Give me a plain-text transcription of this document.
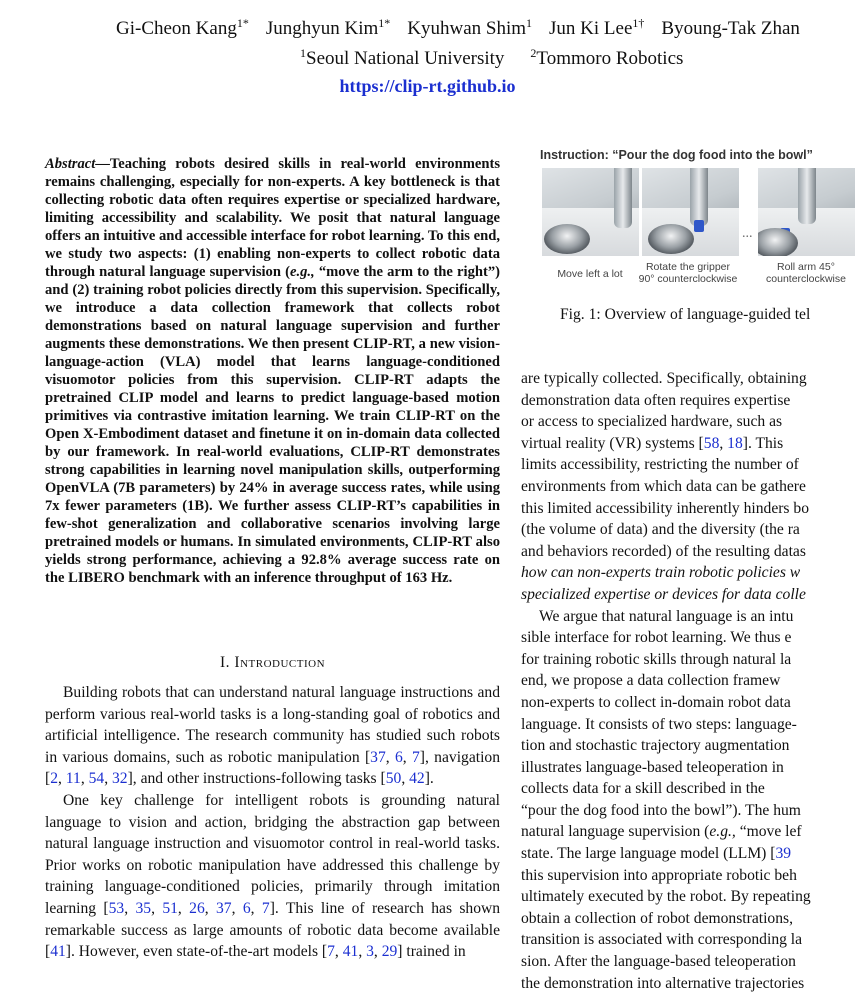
Gi-Cheon Kang$^{1*}$ Junghyun Kim$^{1*}$ Kyuhwan Shim$^1$ Jun Ki Lee$^{1\dagger}$ Byoung-Tak Zhan
$^1$Seoul National University $^2$Tommoro Robotics
https://clip-rt.github.io
Abstract—Teaching robots desired skills in real-world environments remains challenging, especially for non-experts. A key bottleneck is that collecting robotic data often requires expertise or specialized hardware, limiting accessibility and scalability. We posit that natural language offers an intuitive and accessible interface for robot learning. To this end, we study two aspects: (1) enabling non-experts to collect robotic data through natural language supervision (e.g., “move the arm to the right”) and (2) training robot policies directly from this supervision. Specifically, we introduce a data collection framework that collects robot demonstrations based on natural language supervision and further augments these demonstrations. We then present CLIP-RT, a new vision-language-action (VLA) model that learns language-conditioned visuomotor policies from this supervision. CLIP-RT adapts the pretrained CLIP model and learns to predict language-based motion primitives via contrastive imitation learning. We train CLIP-RT on the Open X-Embodiment dataset and finetune it on in-domain data collected by our framework. In real-world evaluations, CLIP-RT demonstrates strong capabilities in learning novel manipulation skills, outperforming OpenVLA (7B parameters) by 24% in average success rates, while using 7x fewer parameters (1B). We further assess CLIP-RT’s capabilities in few-shot generalization and collaborative scenarios involving large pretrained models or humans. In simulated environments, CLIP-RT also yields strong performance, achieving a 92.8% average success rate on the LIBERO benchmark with an inference throughput of 163 Hz.
I. Introduction

Building robots that can understand natural language instructions and perform various real-world tasks is a long-standing goal of robotics and artificial intelligence. The research community has studied such robots in various domains, such as robotic manipulation [37, 6, 7], navigation [2, 11, 54, 32], and other instructions-following tasks [50, 42].

One key challenge for intelligent robots is grounding natural language to vision and action, bridging the abstraction gap between natural language instruction and visuomotor control in real-world tasks. Prior works on robotic manipulation have addressed this challenge by training language-conditioned policies, primarily through imitation learning [53, 35, 51, 26, 37, 6, 7]. This line of research has shown remarkable success as large amounts of robotic data become available [41]. However, even state-of-the-art models [7, 41, 3, 29] trained in

Instruction: “Pour the dog food into the bowl”
...
Move left a lot
Rotate the gripper
90° counterclockwise
Roll arm 45°
counterclockwise
Fig. 1: Overview of language-guided tel

are typically collected. Specifically, obtaining

demonstration data often requires expertise

or access to specialized hardware, such as

virtual reality (VR) systems [58, 18]. This

limits accessibility, restricting the number of

environments from which data can be gathere

this limited accessibility inherently hinders bo

(the volume of data) and the diversity (the ra

and behaviors recorded) of the resulting datas

how can non-experts train robotic policies w

specialized expertise or devices for data colle

We argue that natural language is an intu

sible interface for robot learning. We thus e

for training robotic skills through natural la

end, we propose a data collection framew

non-experts to collect in-domain robot data

language. It consists of two steps: language-

tion and stochastic trajectory augmentation

illustrates language-based teleoperation in

collects data for a skill described in the

“pour the dog food into the bowl”). The hum

natural language supervision (e.g., “move lef

state. The large language model (LLM) [39

this supervision into appropriate robotic beh

ultimately executed by the robot. By repeating

obtain a collection of robot demonstrations,

transition is associated with corresponding la

sion. After the language-based teleoperation

the demonstration into alternative trajectories
